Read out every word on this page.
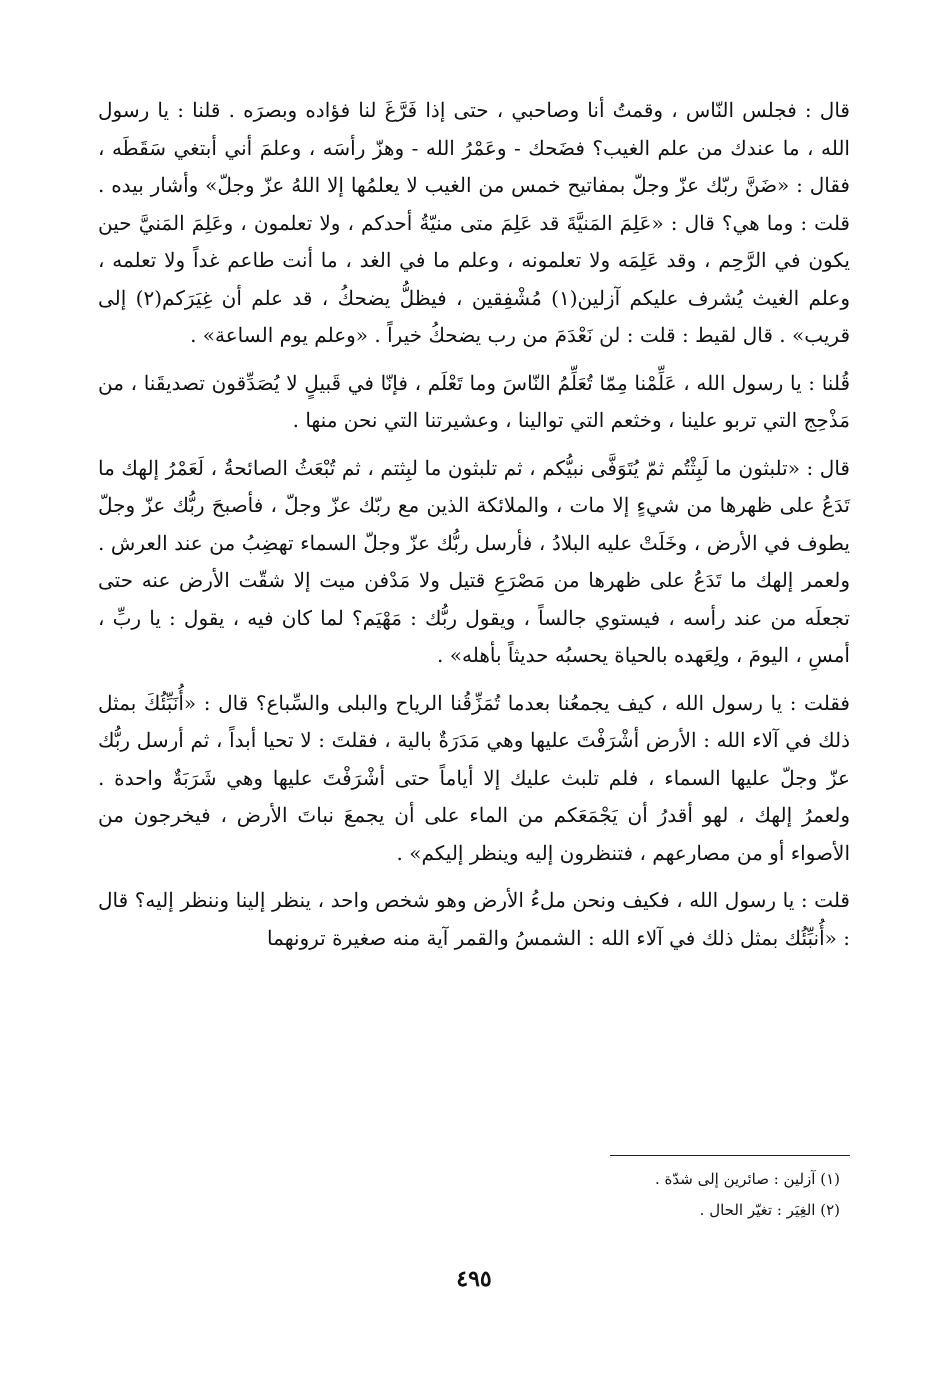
قال : فجلس النّاس ، وقمتُ أنا وصاحبي ، حتى إذا فَرَّغَ لنا فؤاده وبصرَه . قلنا : يا رسول الله ، ما عندك من علم الغيب؟ فضَحك - وعَمْرُ الله - وهزّ رأسَه ، وعلمَ أني أبتغي سَقَطَه ، فقال : «ضَنَّ ربّك عزّ وجلّ بمفاتيح خمس من الغيب لا يعلمُها إلا اللهُ عزّ وجلّ» وأشار بيده . قلت : وما هي؟ قال : «عَلِمَ المَنيَّةَ قد عَلِمَ متى منيّةُ أحدكم ، ولا تعلمون ، وعَلِمَ المَنيَّ حين يكون في الرَّحِم ، وقد عَلِمَه ولا تعلمونه ، وعلم ما في الغد ، ما أنت طاعم غداً ولا تعلمه ، وعلم الغيث يُشرف عليكم آزلين(١) مُشْفِقين ، فيظلُّ يضحكُ ، قد علم أن غِيَرَكم(٢) إلى قريب» . قال لقيط : قلت : لن نَعْدَمَ من رب يضحكُ خيراً . «وعلم يوم الساعة» .

قُلنا : يا رسول الله ، عَلِّمْنا مِمّا تُعَلِّمُ النّاسَ وما تَعْلَم ، فإنّا في قَبيلٍ لا يُصَدِّقون تصديقَنا ، من مَذْحِج التي تربو علينا ، وخثعم التي توالينا ، وعشيرتنا التي نحن منها .

قال : «تلبثون ما لَبِثْتُم ثمّ يُتَوَفَّى نبيُّكم ، ثم تلبثون ما لبِثتم ، ثم تُبْعَثُ الصائحةُ ، لَعَمْرُ إلهك ما تَدَعُ على ظهرها من شيءٍ إلا مات ، والملائكة الذين مع ربّك عزّ وجلّ ، فأصبحَ ربُّك عزّ وجلّ يطوف في الأرض ، وخَلَتْ عليه البلادُ ، فأرسل ربُّك عزّ وجلّ السماء تهضِبُ من عند العرش . ولعمر إلهك ما تَدَعُ على ظهرها من مَصْرَعِ قتيل ولا مَدْفن ميت إلا شقّت الأرض عنه حتى تجعلَه من عند رأسه ، فيستوي جالساً ، ويقول ربُّك : مَهْيَم؟ لما كان فيه ، يقول : يا ربِّ ، أمسِ ، اليومَ ، ولِعَهده بالحياة يحسبُه حديثاً بأهله» .

فقلت : يا رسول الله ، كيف يجمعُنا بعدما تُمَزِّقُنا الرياح والبلى والسِّباع؟ قال : «أُنَبِّئُكَ بمثل ذلك في آلاء الله : الأرض أشْرَفْتَ عليها وهي مَدَرَةٌ بالية ، فقلتَ : لا تحيا أبداً ، ثم أرسل ربُّك عزّ وجلّ عليها السماء ، فلم تلبث عليك إلا أياماً حتى أشْرَفْتَ عليها وهي شَرَبَةٌ واحدة . ولعمرُ إلهك ، لهو أقدرُ أن يَجْمَعَكم من الماء على أن يجمعَ نباتَ الأرض ، فيخرجون من الأصواء أو من مصارعهم ، فتنظرون إليه وينظر إليكم» .

قلت : يا رسول الله ، فكيف ونحن ملءُ الأرض وهو شخص واحد ، ينظر إلينا وننظر إليه؟ قال : «أُنبِّئُك بمثل ذلك في آلاء الله : الشمسُ والقمر آية منه صغيرة ترونهما

(١) آزلين : صائرين إلى شدّة .
(٢) الغِيَر : تغيّر الحال .
٤٩٥
